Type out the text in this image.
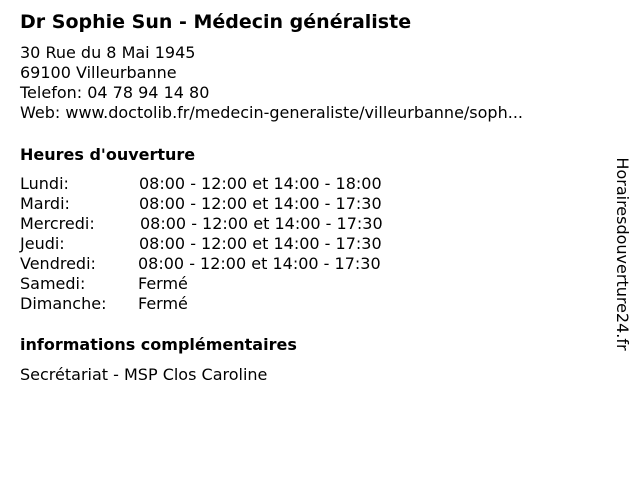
Dr Sophie Sun - Médecin généraliste
30 Rue du 8 Mai 1945
69100 Villeurbanne
Telefon: 04 78 94 14 80
Web: www.doctolib.fr/medecin-generaliste/villeurbanne/soph...
Heures d'ouverture
Lundi:	08:00 - 12:00 et 14:00 - 18:00
Mardi:	08:00 - 12:00 et 14:00 - 17:30
Mercredi:	08:00 - 12:00 et 14:00 - 17:30
Jeudi:	08:00 - 12:00 et 14:00 - 17:30
Vendredi:	08:00 - 12:00 et 14:00 - 17:30
Samedi:	Fermé
Dimanche: Fermé
informations complémentaires
Secrétariat - MSP Clos Caroline
Horairesdouverture24.fr
